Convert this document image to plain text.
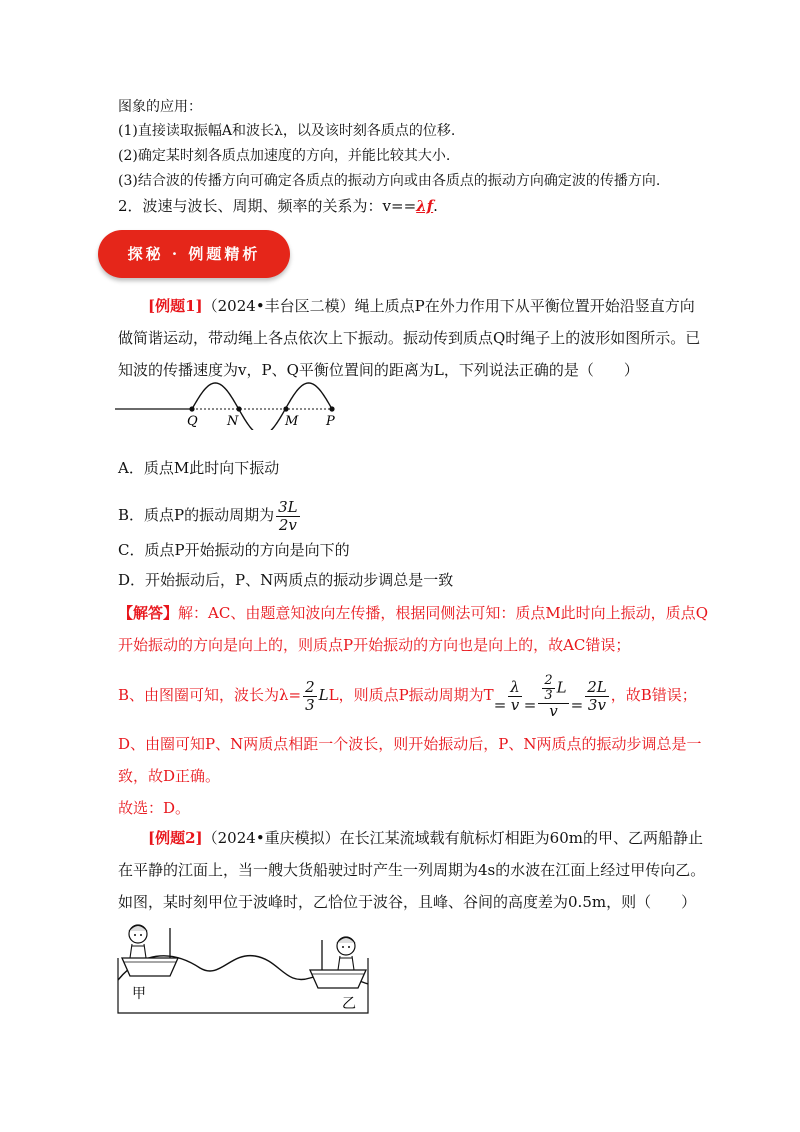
图象的应用：
(1)直接读取振幅A和波长λ，以及该时刻各质点的位移.
(2)确定某时刻各质点加速度的方向，并能比较其大小.
(3)结合波的传播方向可确定各质点的振动方向或由各质点的振动方向确定波的传播方向.
2．波速与波长、周期、频率的关系为：v==λf.
探秘 · 例题精析
[例题1]（2024•丰台区二模）绳上质点P在外力作用下从平衡位置开始沿竖直方向做简谐运动，带动绳上各点依次上下振动。振动传到质点Q时绳子上的波形如图所示。已知波的传播速度为v，P、Q平衡位置间的距离为L，下列说法正确的是（　　）
Q N	M P
A．质点M此时向下振动
B．质点P的振动周期为 $\frac{3L}{2v}$
C．质点P开始振动的方向是向下的
D．开始振动后，P、N两质点的振动步调总是一致
【解答】解：AC、由题意知波向左传播，根据同侧法可知：质点M此时向上振动，质点Q开始振动的方向是向上的，则质点P开始振动的方向也是向上的，故AC错误；
B、由图圈可知，波长为$\lambda= \frac{2}{3}$ LL，则质点P振动周期为$T= \frac{\lambda}{v} = \frac{\frac{2}{3} L}{v} = \frac{2L}{3v}$ ，故B错误；
D、由圈可知P、N两质点相距一个波长，则开始振动后，P、N两质点的振动步调总是一致，故D正确。
故选：D。
[例题2]（2024•重庆模拟）在长江某流域载有航标灯相距为60m的甲、乙两船静止在平静的江面上，当一艘大货船驶过时产生一列周期为4s的水波在江面上经过甲传向乙。如图，某时刻甲位于波峰时，乙恰位于波谷，且峰、谷间的高度差为0.5m，则（　　）
甲
乙
